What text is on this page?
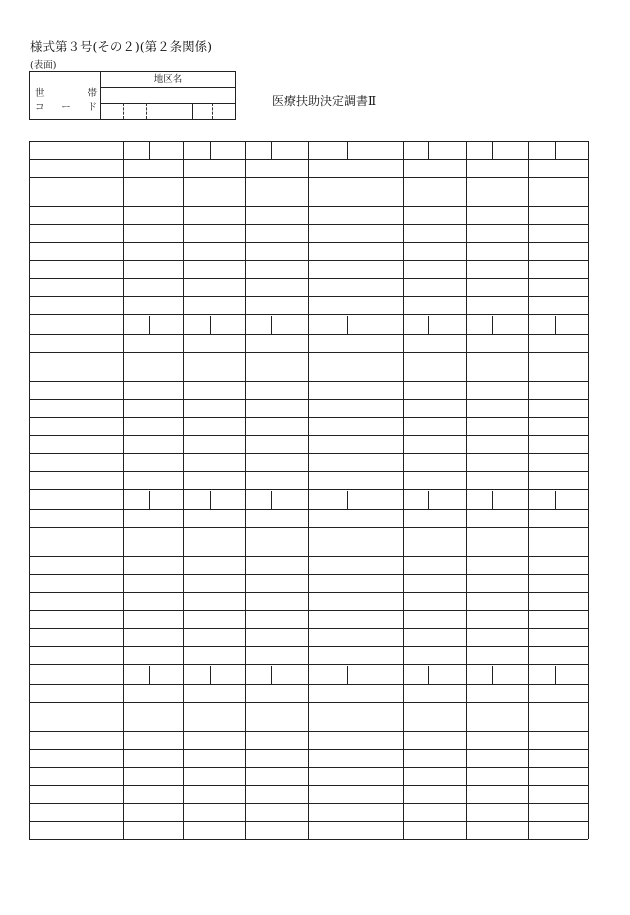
様式第３号(その２)(第２条関係)
(表面)
世　帯
コード
地区名
医療扶助決定調書Ⅱ
